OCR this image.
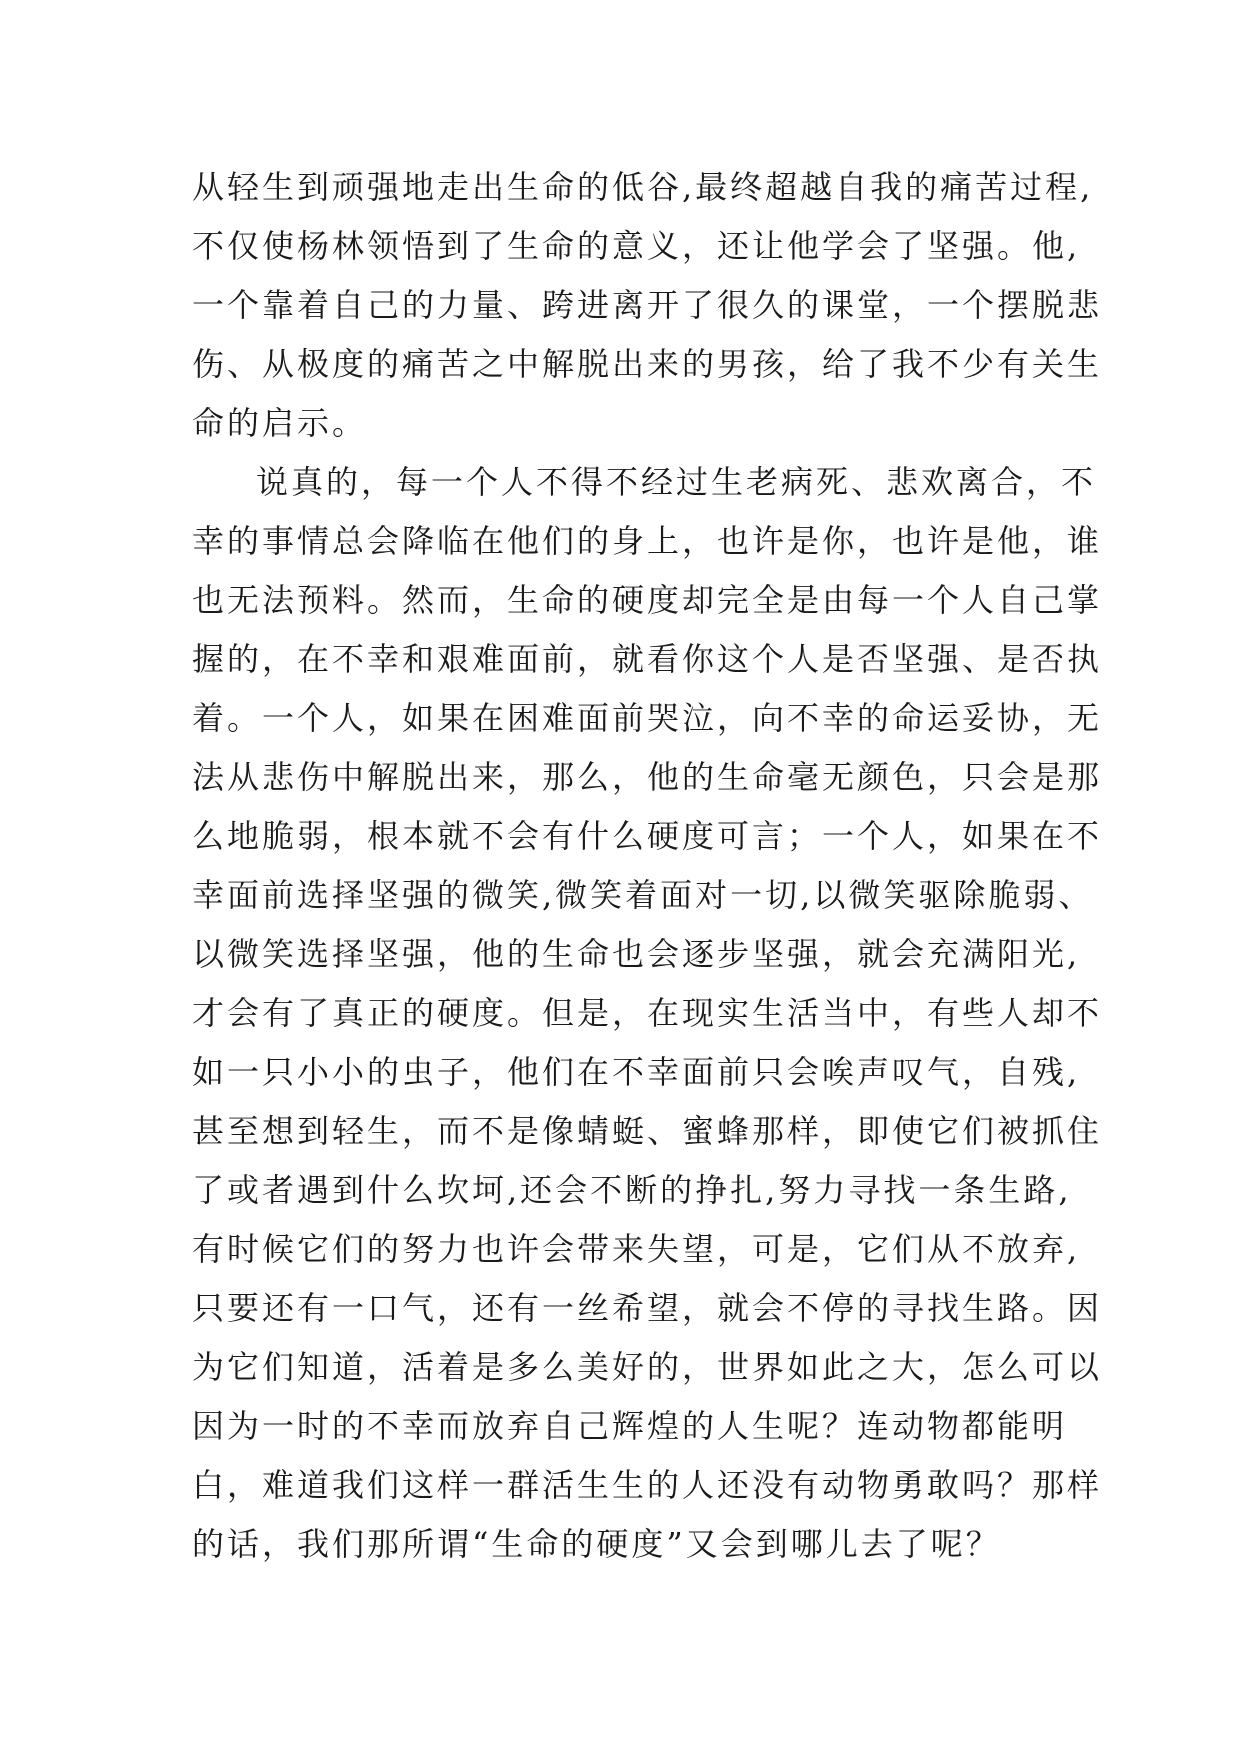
从轻生到顽强地走出生命的低谷,最终超越自我的痛苦过程,
不仅使杨林领悟到了生命的意义，还让他学会了坚强。他,
一个靠着自己的力量、跨进离开了很久的课堂，一个摆脱悲
伤、从极度的痛苦之中解脱出来的男孩，给了我不少有关生
命的启示。
说真的，每一个人不得不经过生老病死、悲欢离合，不
幸的事情总会降临在他们的身上，也许是你，也许是他，谁
也无法预料。然而，生命的硬度却完全是由每一个人自己掌
握的，在不幸和艰难面前，就看你这个人是否坚强、是否执
着。一个人，如果在困难面前哭泣，向不幸的命运妥协，无
法从悲伤中解脱出来，那么，他的生命毫无颜色，只会是那
么地脆弱，根本就不会有什么硬度可言；一个人，如果在不
幸面前选择坚强的微笑,微笑着面对一切,以微笑驱除脆弱、
以微笑选择坚强，他的生命也会逐步坚强，就会充满阳光,
才会有了真正的硬度。但是，在现实生活当中，有些人却不
如一只小小的虫子，他们在不幸面前只会唉声叹气，自残,
甚至想到轻生，而不是像蜻蜓、蜜蜂那样，即使它们被抓住
了或者遇到什么坎坷,还会不断的挣扎,努力寻找一条生路,
有时候它们的努力也许会带来失望，可是，它们从不放弃,
只要还有一口气，还有一丝希望，就会不停的寻找生路。因
为它们知道，活着是多么美好的，世界如此之大，怎么可以
因为一时的不幸而放弃自己辉煌的人生呢？连动物都能明
白，难道我们这样一群活生生的人还没有动物勇敢吗？那样
的话，我们那所谓“生命的硬度”又会到哪儿去了呢？
